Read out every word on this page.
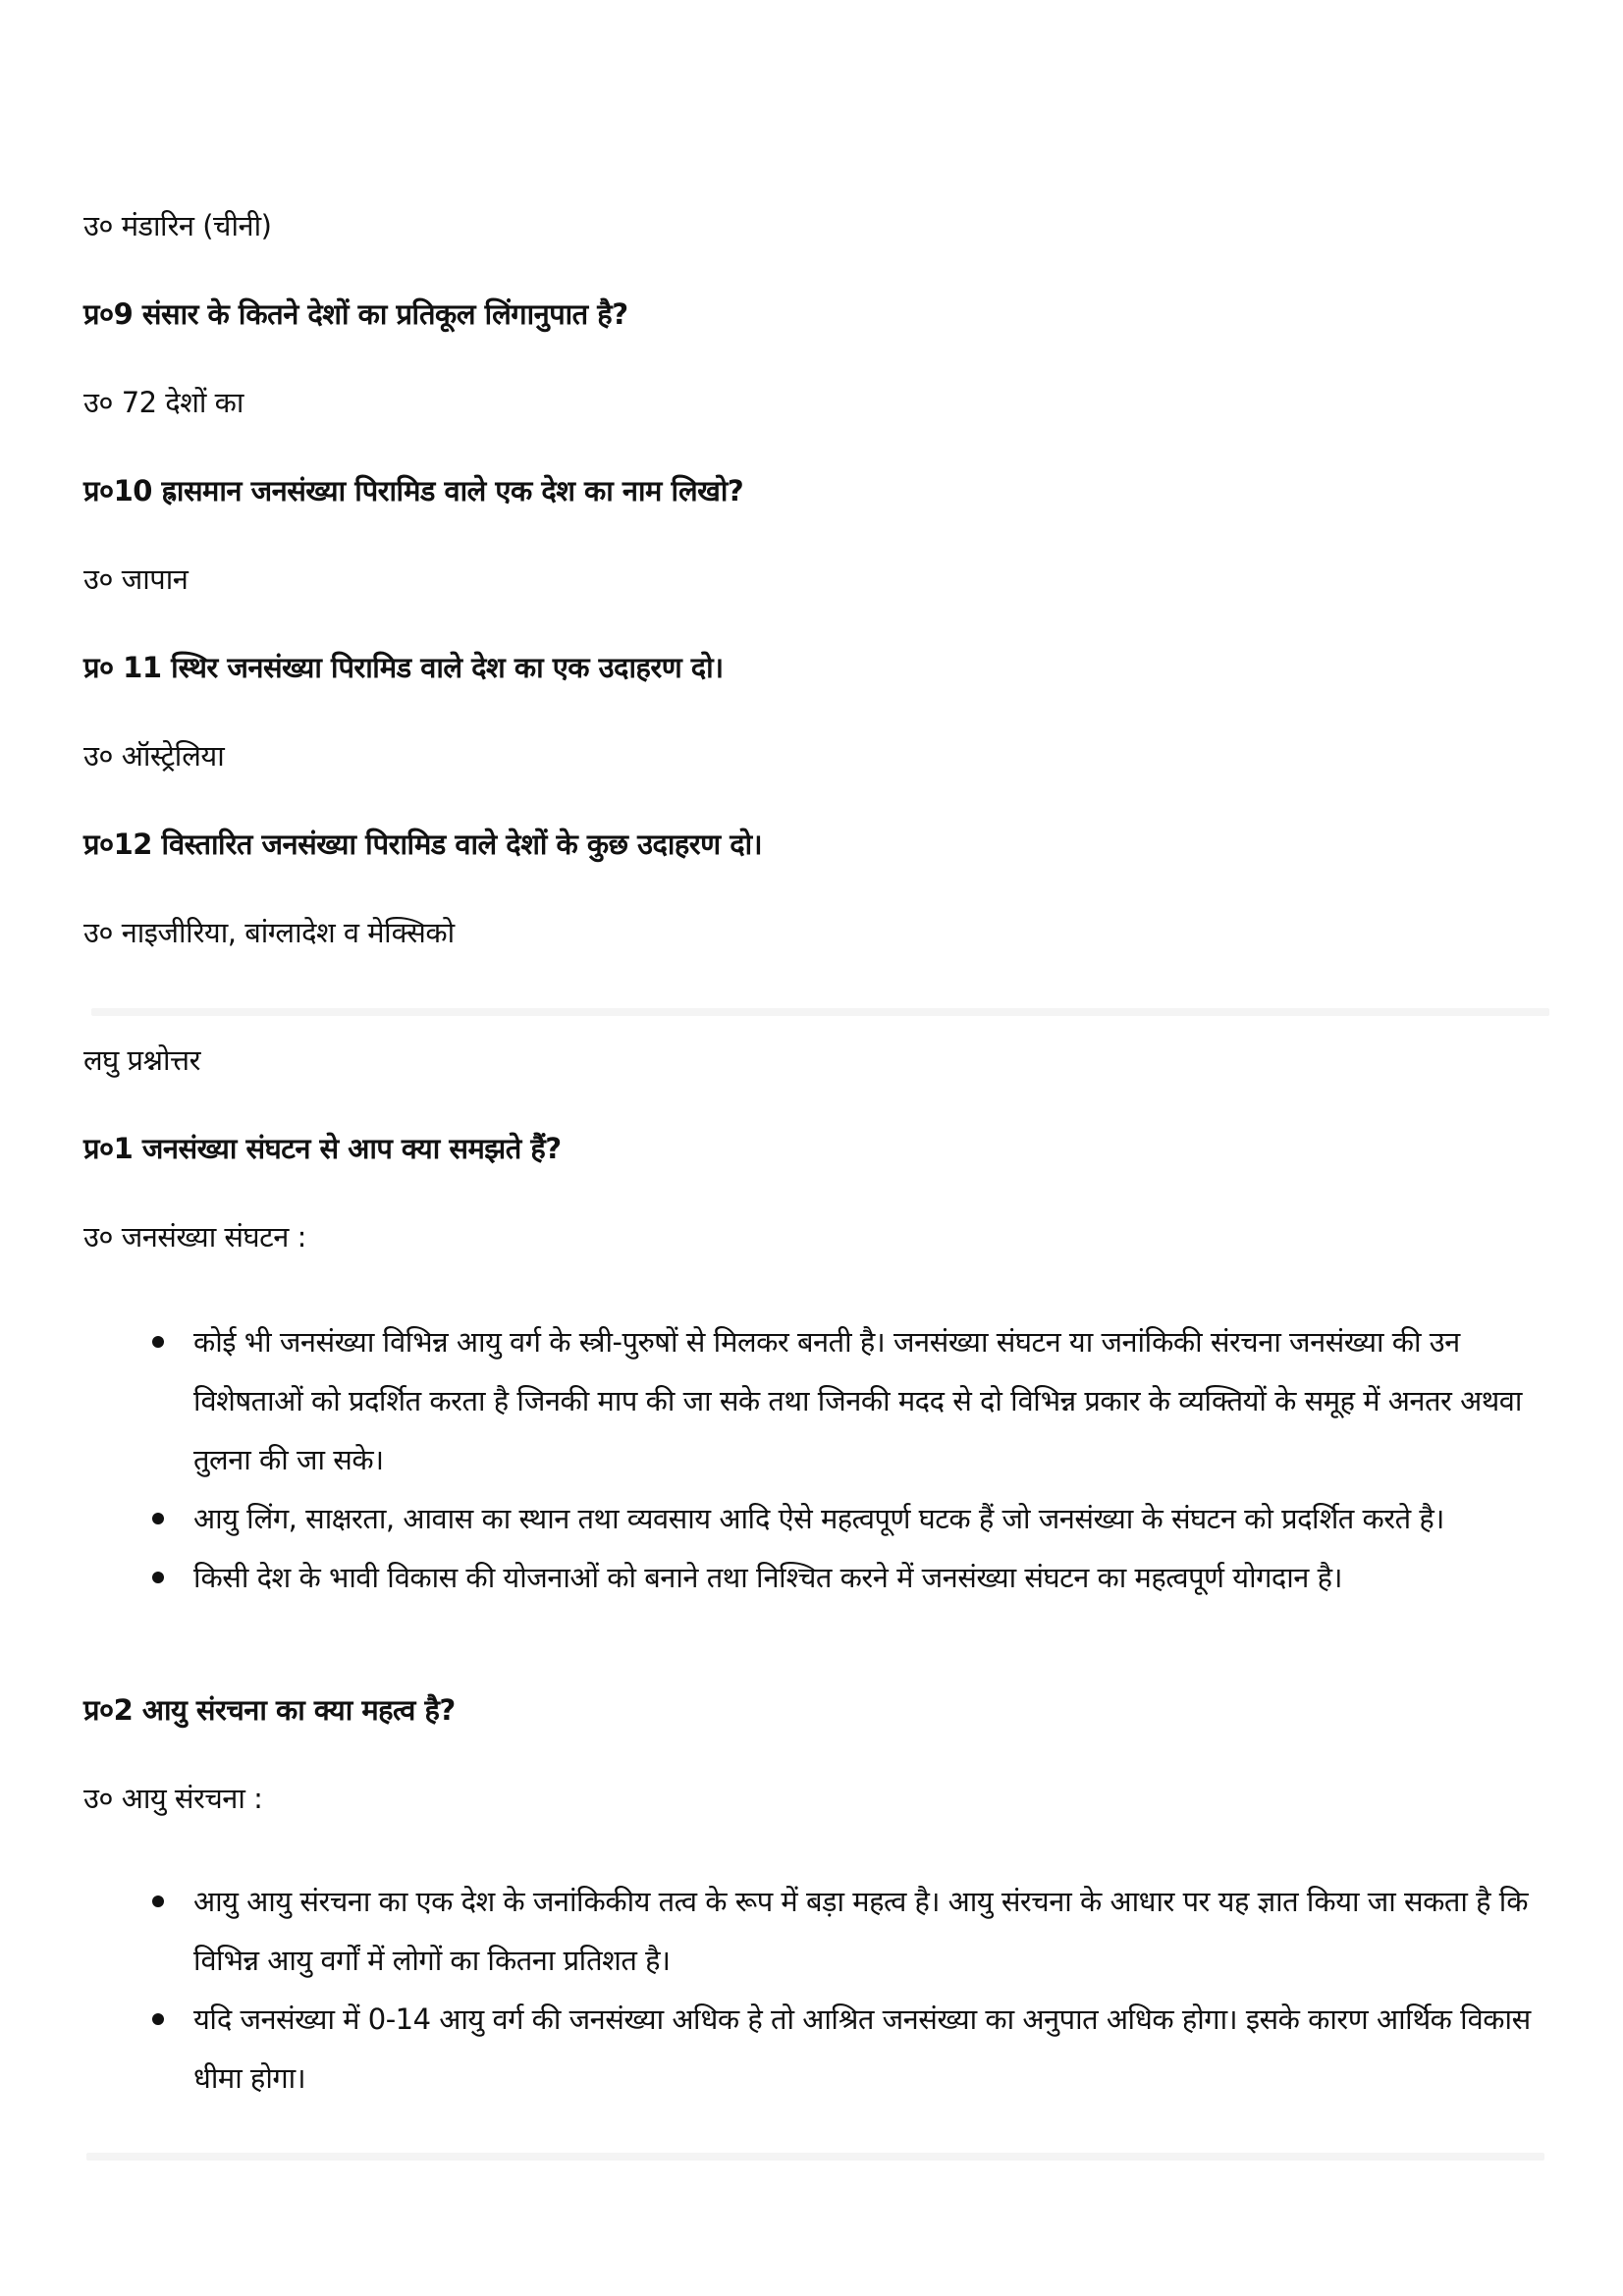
उ० मंडारिन (चीनी)

प्र०9 संसार के कितने देशों का प्रतिकूल लिंगानुपात है?

उ० 72 देशों का

प्र०10 ह्रासमान जनसंख्या पिरामिड वाले एक देश का नाम लिखो?

उ० जापान

प्र० 11 स्थिर जनसंख्या पिरामिड वाले देश का एक उदाहरण दो।

उ० ऑस्ट्रेलिया

प्र०12 विस्तारित जनसंख्या पिरामिड वाले देशों के कुछ उदाहरण दो।

उ० नाइजीरिया, बांग्लादेश व मेक्सिको

लघु प्रश्नोत्तर

प्र०1 जनसंख्या संघटन से आप क्या समझते हैं?

उ० जनसंख्या संघटन :

कोई भी जनसंख्या विभिन्न आयु वर्ग के स्त्री-पुरुषों से मिलकर बनती है। जनसंख्या संघटन या जनांकिकी संरचना जनसंख्या की उन विशेषताओं को प्रदर्शित करता है जिनकी माप की जा सके तथा जिनकी मदद से दो विभिन्न प्रकार के व्यक्तियों के समूह में अनतर अथवा तुलना की जा सके।
आयु लिंग, साक्षरता, आवास का स्थान तथा व्यवसाय आदि ऐसे महत्वपूर्ण घटक हैं जो जनसंख्या के संघटन को प्रदर्शित करते है।
किसी देश के भावी विकास की योजनाओं को बनाने तथा निश्चित करने में जनसंख्या संघटन का महत्वपूर्ण योगदान है।

प्र०2 आयु संरचना का क्या महत्व है?

उ० आयु संरचना :

आयु आयु संरचना का एक देश के जनांकिकीय तत्व के रूप में बड़ा महत्व है। आयु संरचना के आधार पर यह ज्ञात किया जा सकता है कि विभिन्न आयु वर्गों में लोगों का कितना प्रतिशत है।
यदि जनसंख्या में 0-14 आयु वर्ग की जनसंख्या अधिक हे तो आश्रित जनसंख्या का अनुपात अधिक होगा। इसके कारण आर्थिक विकास धीमा होगा।
